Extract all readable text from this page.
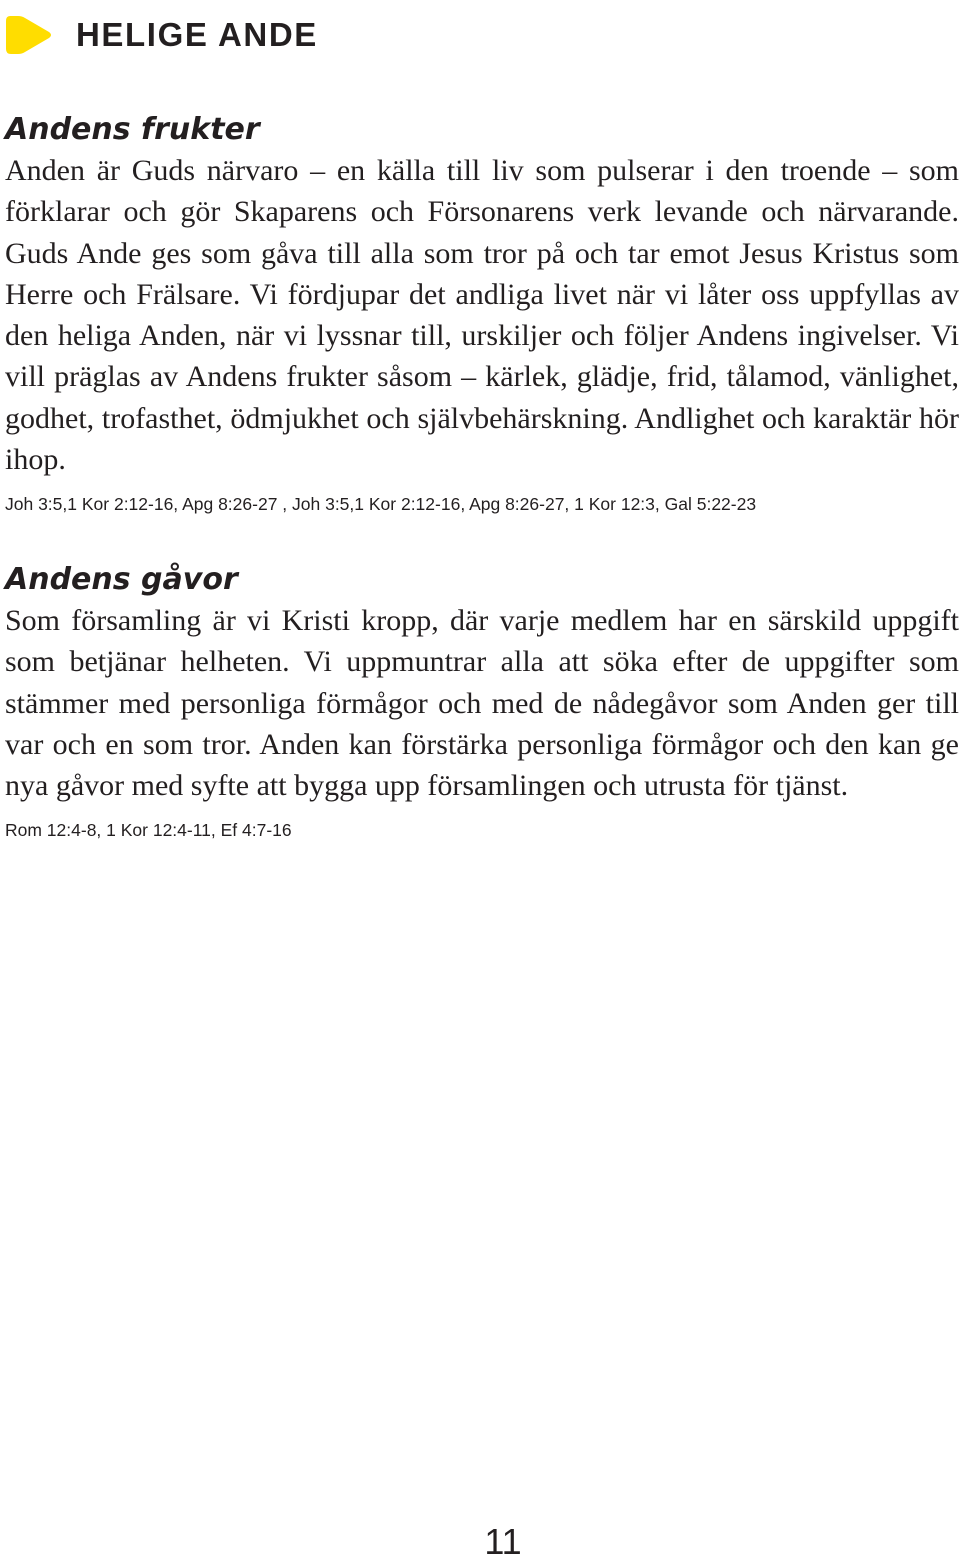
HELIGE ANDE
Andens frukter

Anden är Guds närvaro – en källa till liv som pulserar i den troende – som förklarar och gör Skaparens och Försonarens verk levande och närvarande. Guds Ande ges som gåva till alla som tror på och tar emot Jesus Kristus som Herre och Frälsare. Vi fördjupar det andliga livet när vi låter oss uppfyllas av den heliga Anden, när vi lyssnar till, urskiljer och följer Andens ingivelser. Vi vill präglas av Andens frukter såsom – kärlek, glädje, frid, tålamod, vänlighet, godhet, trofasthet, ödmjukhet och självbehärskning. Andlighet och karaktär hör ihop.

Joh 3:5,1 Kor 2:12-16, Apg 8:26-27 , Joh 3:5,1 Kor 2:12-16, Apg 8:26-27, 1 Kor 12:3, Gal 5:22-23

Andens gåvor

Som församling är vi Kristi kropp, där varje medlem har en särskild uppgift som betjänar helheten. Vi uppmuntrar alla att söka efter de uppgifter som stämmer med personliga förmågor och med de nådegåvor som Anden ger till var och en som tror. Anden kan förstärka personliga förmågor och den kan ge nya gåvor med syfte att bygga upp församlingen och utrusta för tjänst.

Rom 12:4-8, 1 Kor 12:4-11, Ef 4:7-16

11
